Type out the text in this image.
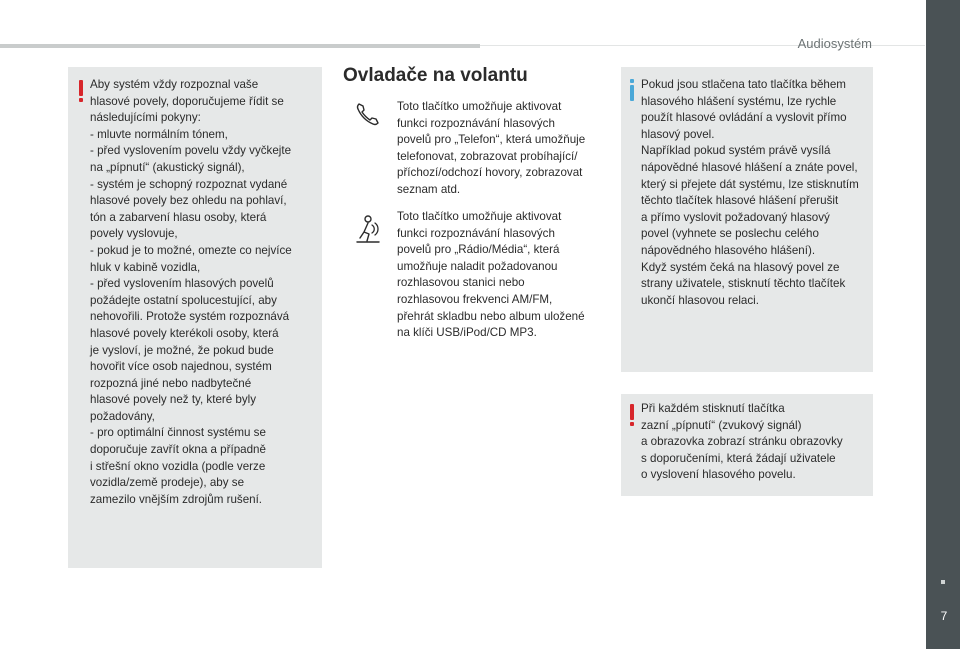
Audiosystém
Aby systém vždy rozpoznal vaše
hlasové povely, doporučujeme řídit se
následujícími pokyny:
- mluvte normálním tónem,
- před vyslovením povelu vždy vyčkejte
na „pípnutí“ (akustický signál),
- systém je schopný rozpoznat vydané
hlasové povely bez ohledu na pohlaví,
tón a zabarvení hlasu osoby, která
povely vyslovuje,
- pokud je to možné, omezte co nejvíce
hluk v kabině vozidla,
- před vyslovením hlasových povelů
požádejte ostatní spolucestující, aby
nehovořili. Protože systém rozpoznává
hlasové povely kterékoli osoby, která
je vysloví, je možné, že pokud bude
hovořit více osob najednou, systém
rozpozná jiné nebo nadbytečné
hlasové povely než ty, které byly
požadovány,
- pro optimální činnost systému se
doporučuje zavřít okna a případně
i střešní okno vozidla (podle verze
vozidla/země prodeje), aby se
zamezilo vnějším zdrojům rušení.
Ovladače na volantu
Toto tlačítko umožňuje aktivovat
funkci rozpoznávání hlasových
povelů pro „Telefon“, která umožňuje
telefonovat, zobrazovat probíhající/
příchozí/odchozí hovory, zobrazovat
seznam atd.
Toto tlačítko umožňuje aktivovat
funkci rozpoznávání hlasových
povelů pro „Rádio/Média“, která
umožňuje naladit požadovanou
rozhlasovou stanici nebo
rozhlasovou frekvenci AM/FM,
přehrát skladbu nebo album uložené
na klíči USB/iPod/CD MP3.
Pokud jsou stlačena tato tlačítka během
hlasového hlášení systému, lze rychle
použít hlasové ovládání a vyslovit přímo
hlasový povel.
Například pokud systém právě vysílá
nápovědné hlasové hlášení a znáte povel,
který si přejete dát systému, lze stisknutím
těchto tlačítek hlasové hlášení přerušit
a přímo vyslovit požadovaný hlasový
povel (vyhnete se poslechu celého
nápovědného hlasového hlášení).
Když systém čeká na hlasový povel ze
strany uživatele, stisknutí těchto tlačítek
ukončí hlasovou relaci.
Při každém stisknutí tlačítka
zazní „pípnutí“ (zvukový signál)
a obrazovka zobrazí stránku obrazovky
s doporučeními, která žádají uživatele
o vyslovení hlasového povelu.
7
